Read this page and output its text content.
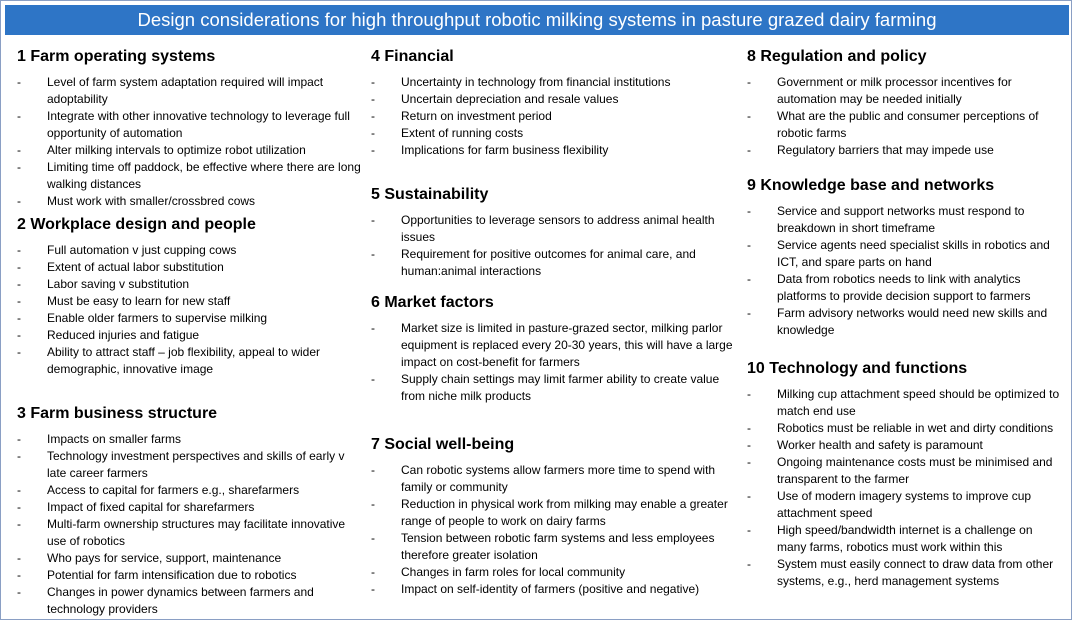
Design considerations for high throughput robotic milking systems in pasture grazed dairy farming
1 Farm operating systems
- Level of farm system adaptation required will impact adoptability
- Integrate with other innovative technology to leverage full opportunity of automation
- Alter milking intervals to optimize robot utilization
- Limiting time off paddock, be effective where there are long walking distances
- Must work with smaller/crossbred cows
2 Workplace design and people
- Full automation v just cupping cows
- Extent of actual labor substitution
- Labor saving v substitution
- Must be easy to learn for new staff
- Enable older farmers to supervise milking
- Reduced injuries and fatigue
- Ability to attract staff – job flexibility, appeal to wider demographic, innovative image
3 Farm business structure
- Impacts on smaller farms
- Technology investment perspectives and skills of early v late career farmers
- Access to capital for farmers e.g., sharefarmers
- Impact of fixed capital for sharefarmers
- Multi-farm ownership structures may facilitate innovative use of robotics
- Who pays for service, support, maintenance
- Potential for farm intensification due to robotics
- Changes in power dynamics between farmers and technology providers
4 Financial
- Uncertainty in technology from financial institutions
- Uncertain depreciation and resale values
- Return on investment period
- Extent of running costs
- Implications for farm business flexibility
5 Sustainability
- Opportunities to leverage sensors to address animal health issues
- Requirement for positive outcomes for animal care, and human:animal interactions
6 Market factors
- Market size is limited in pasture-grazed sector, milking parlor equipment is replaced every 20-30 years, this will have a large impact on cost-benefit for farmers
- Supply chain settings may limit farmer ability to create value from niche milk products
7 Social well-being
- Can robotic systems allow farmers more time to spend with family or community
- Reduction in physical work from milking may enable a greater range of people to work on dairy farms
- Tension between robotic farm systems and less employees therefore greater isolation
- Changes in farm roles for local community
- Impact on self-identity of farmers (positive and negative)
8 Regulation and policy
- Government or milk processor incentives for automation may be needed initially
- What are the public and consumer perceptions of robotic farms
- Regulatory barriers that may impede use
9 Knowledge base and networks
- Service and support networks must respond to breakdown in short timeframe
- Service agents need specialist skills in robotics and ICT, and spare parts on hand
- Data from robotics needs to link with analytics platforms to provide decision support to farmers
- Farm advisory networks would need new skills and knowledge
10 Technology and functions
- Milking cup attachment speed should be optimized to match end use
- Robotics must be reliable in wet and dirty conditions
- Worker health and safety is paramount
- Ongoing maintenance costs must be minimised and transparent to the farmer
- Use of modern imagery systems to improve cup attachment speed
- High speed/bandwidth internet is a challenge on many farms, robotics must work within this
- System must easily connect to draw data from other systems, e.g., herd management systems
